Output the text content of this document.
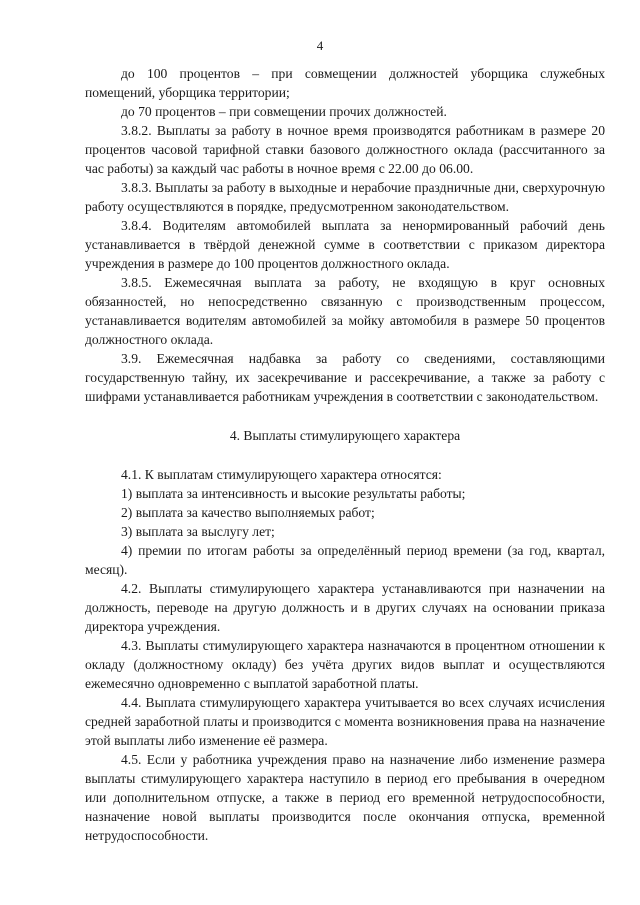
4

до 100 процентов – при совмещении должностей уборщика служебных помещений, уборщика территории;

до 70 процентов – при совмещении прочих должностей.

3.8.2. Выплаты за работу в ночное время производятся работникам в размере 20 процентов часовой тарифной ставки базового должностного оклада (рассчитанного за час работы) за каждый час работы в ночное время с 22.00 до 06.00.

3.8.3. Выплаты за работу в выходные и нерабочие праздничные дни, сверхурочную работу осуществляются в порядке, предусмотренном законодательством.

3.8.4. Водителям автомобилей выплата за ненормированный рабочий день устанавливается в твёрдой денежной сумме в соответствии с приказом директора учреждения в размере до 100 процентов должностного оклада.

3.8.5. Ежемесячная выплата за работу, не входящую в круг основных обязанностей, но непосредственно связанную с производственным процессом, устанавливается водителям автомобилей за мойку автомобиля в размере 50 процентов должностного оклада.

3.9. Ежемесячная надбавка за работу со сведениями, составляющими государственную тайну, их засекречивание и рассекречивание, а также за работу с шифрами устанавливается работникам учреждения в соответствии с законодательством.

4. Выплаты стимулирующего характера

4.1. К выплатам стимулирующего характера относятся:

1) выплата за интенсивность и высокие результаты работы;

2) выплата за качество выполняемых работ;

3) выплата за выслугу лет;

4) премии по итогам работы за определённый период времени (за год, квартал, месяц).

4.2. Выплаты стимулирующего характера устанавливаются при назначении на должность, переводе на другую должность и в других случаях на основании приказа директора учреждения.

4.3. Выплаты стимулирующего характера назначаются в процентном отношении к окладу (должностному окладу) без учёта других видов выплат и осуществляются ежемесячно одновременно с выплатой заработной платы.

4.4. Выплата стимулирующего характера учитывается во всех случаях исчисления средней заработной платы и производится с момента возникновения права на назначение этой выплаты либо изменение её размера.

4.5. Если у работника учреждения право на назначение либо изменение размера выплаты стимулирующего характера наступило в период его пребывания в очередном или дополнительном отпуске, а также в период его временной нетрудоспособности, назначение новой выплаты производится после окончания отпуска, временной нетрудоспособности.
